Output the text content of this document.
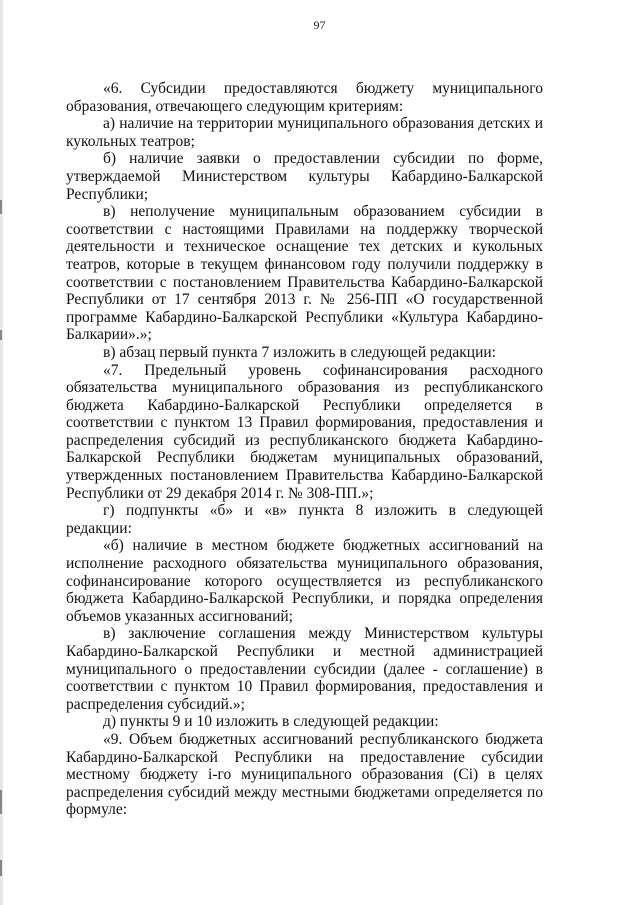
97

«6. Субсидии предоставляются бюджету муниципального образования, отвечающего следующим критериям:

а) наличие на территории муниципального образования детских и кукольных театров;

б) наличие заявки о предоставлении субсидии по форме, утверждаемой Министерством культуры Кабардино-Балкарской Республики;

в) неполучение муниципальным образованием субсидии в соответствии с настоящими Правилами на поддержку творческой деятельности и техническое оснащение тех детских и кукольных театров, которые в текущем финансовом году получили поддержку в соответствии с постановлением Правительства Кабардино-Балкарской Республики от 17 сентября 2013 г. № 256-ПП «О государственной программе Кабардино-Балкарской Республики «Культура Кабардино-Балкарии».»;

в) абзац первый пункта 7 изложить в следующей редакции:

«7. Предельный уровень софинансирования расходного обязательства муниципального образования из республиканского бюджета Кабардино-Балкарской Республики определяется в соответствии с пунктом 13 Правил формирования, предоставления и распределения субсидий из республиканского бюджета Кабардино-Балкарской Республики бюджетам муниципальных образований, утвержденных постановлением Правительства Кабардино-Балкарской Республики от 29 декабря 2014 г. № 308-ПП.»;

г) подпункты «б» и «в» пункта 8 изложить в следующей редакции:

«б) наличие в местном бюджете бюджетных ассигнований на исполнение расходного обязательства муниципального образования, софинансирование которого осуществляется из республиканского бюджета Кабардино-Балкарской Республики, и порядка определения объемов указанных ассигнований;

в) заключение соглашения между Министерством культуры Кабардино-Балкарской Республики и местной администрацией муниципального о предоставлении субсидии (далее - соглашение) в соответствии с пунктом 10 Правил формирования, предоставления и распределения субсидий.»;

д) пункты 9 и 10 изложить в следующей редакции:

«9. Объем бюджетных ассигнований республиканского бюджета Кабардино-Балкарской Республики на предоставление субсидии местному бюджету i-го муниципального образования (Ci) в целях распределения субсидий между местными бюджетами определяется по формуле:
